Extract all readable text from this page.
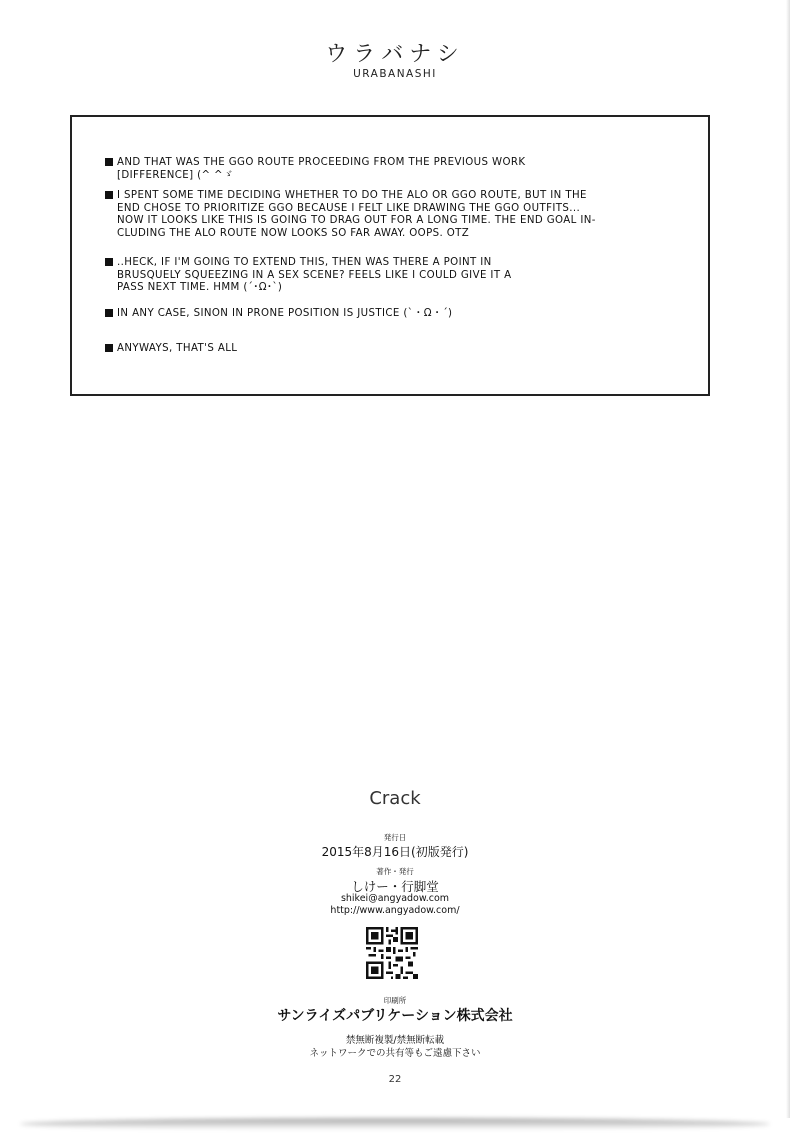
ウラバナシ
URABANASHI
AND THAT WAS THE GGO ROUTE PROCEEDING FROM THE PREVIOUS WORK
[DIFFERENCE] (^ ^ゞ
I SPENT SOME TIME DECIDING WHETHER TO DO THE ALO OR GGO ROUTE, BUT IN THE
END CHOSE TO PRIORITIZE GGO BECAUSE I FELT LIKE DRAWING THE GGO OUTFITS...
NOW IT LOOKS LIKE THIS IS GOING TO DRAG OUT FOR A LONG TIME. THE END GOAL IN-
CLUDING THE ALO ROUTE NOW LOOKS SO FAR AWAY. OOPS. OTZ
..HECK, IF I'M GOING TO EXTEND THIS, THEN WAS THERE A POINT IN
BRUSQUELY SQUEEZING IN A SEX SCENE? FEELS LIKE I COULD GIVE IT A
PASS NEXT TIME. HMM (´･Ω･`)
IN ANY CASE, SINON IN PRONE POSITION IS JUSTICE (`・Ω・´)
ANYWAYS, THAT'S ALL
Crack
発行日
2015年8月16日(初版発行)
著作・発行
しけー・行脚堂
shikei@angyadow.com
http://www.angyadow.com/
印刷所
サンライズパブリケーション株式会社
禁無断複製/禁無断転載
ネットワークでの共有等もご遠慮下さい
22
